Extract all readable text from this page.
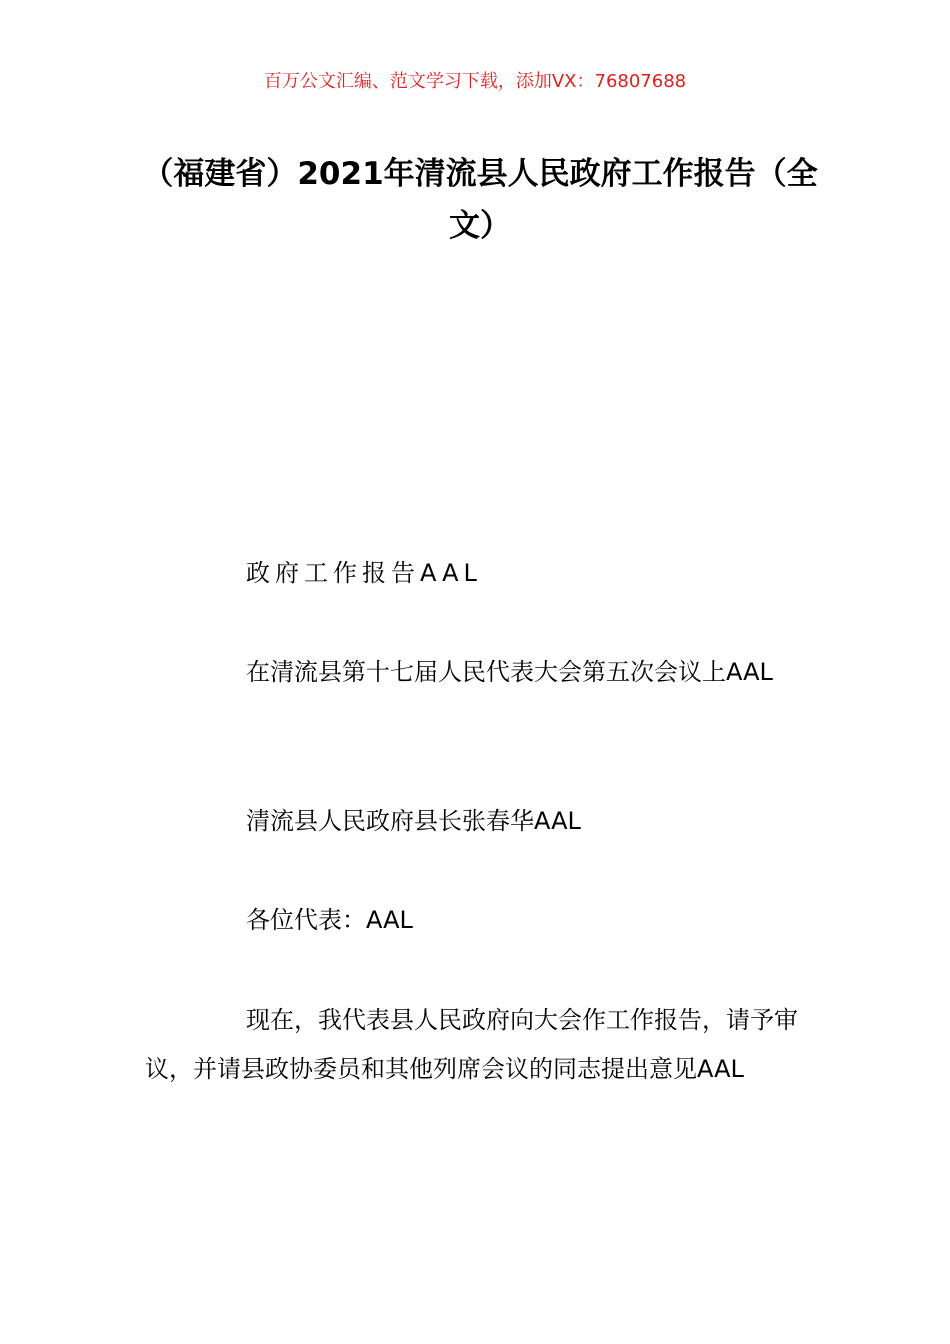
百万公文汇编、范文学习下载，添加VX：76807688
（福建省）2021年清流县人民政府工作报告（全文）
政府工作报告AAL
在清流县第十七届人民代表大会第五次会议上AAL
清流县人民政府县长张春华AAL
各位代表：AAL
现在，我代表县人民政府向大会作工作报告，请予审议，并请县政协委员和其他列席会议的同志提出意见AAL
